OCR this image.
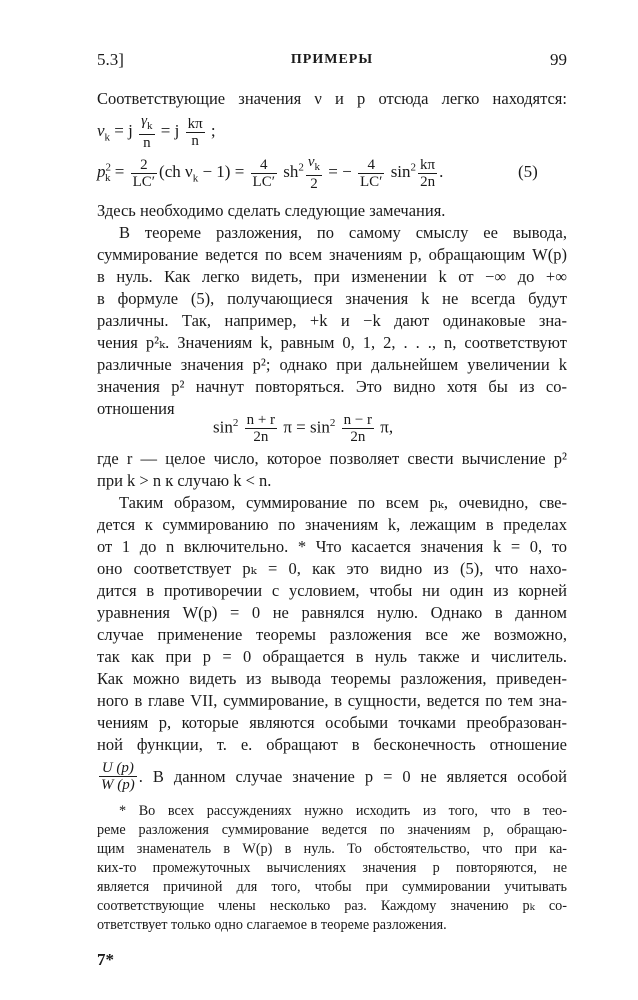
5.3]	ПРИМЕРЫ	99
Соответствующие значения ν и p отсюда легко находятся:
$\nu_k = j \frac{\gamma_k}{n} = j \frac{k\pi}{n}$ ;
$p^2_k = \frac{2}{LC'} (ch$ $\nu_k - 1) = \frac{4}{LC'} sh^2 \frac{\nu_k}{2}$ = − $\frac{4}{LC'} \sin^2 \frac{k\pi}{2n}$ .	(5)
Здесь необходимо сделать следующие замечания.
В теореме разложения, по самому смыслу ее вывода,
суммирование ведется по всем значениям p, обращающим W(p)
в нуль. Как легко видеть, при изменении k от −∞ до +∞
в формуле (5), получающиеся значения k не всегда будут
различны. Так, например, +k и −k дают одинаковые зна-
чения p²ₖ. Значениям k, равным 0, 1, 2, . . ., n, соответствуют
различные значения p²; однако при дальнейшем увеличении k
значения p² начнут повторяться. Это видно хотя бы из со-
отношения
$\sin^2 \frac{n + r}{2n}$ $\pi = \sin^2 \frac{n - r}{2n} \pi$,
где r — целое число, которое позволяет свести вычисление p²
при k > n к случаю k < n.
Таким образом, суммирование по всем pₖ, очевидно, све-
дется к суммированию по значениям k, лежащим в пределах
от 1 до n включительно. * Что касается значения k = 0, то
оно соответствует pₖ = 0, как это видно из (5), что нахо-
дится в противоречии с условием, чтобы ни один из корней
уравнения W(p) = 0 не равнялся нулю. Однако в данном
случае применение теоремы разложения все же возможно,
так как при p = 0 обращается в нуль также и числитель.
Как можно видеть из вывода теоремы разложения, приведен-
ного в главе VII, суммирование, в сущности, ведется по тем зна-
чениям p, которые являются особыми точками преобразован-
ной функции, т. е. обращают в бесконечность отношение
$\frac{U (p)}{W (p)}$ . В данном случае значение p = 0 не является особой
* Во всех рассуждениях нужно исходить из того, что в тео-
реме разложения суммирование ведется по значениям p, обращаю-
щим знаменатель в W(p) в нуль. То обстоятельство, что при ка-
ких-то промежуточных вычислениях значения p повторяются, не
является причиной для того, чтобы при суммировании учитывать
соответствующие члены несколько раз. Каждому значению pₖ со-
ответствует только одно слагаемое в теореме разложения.
7*
